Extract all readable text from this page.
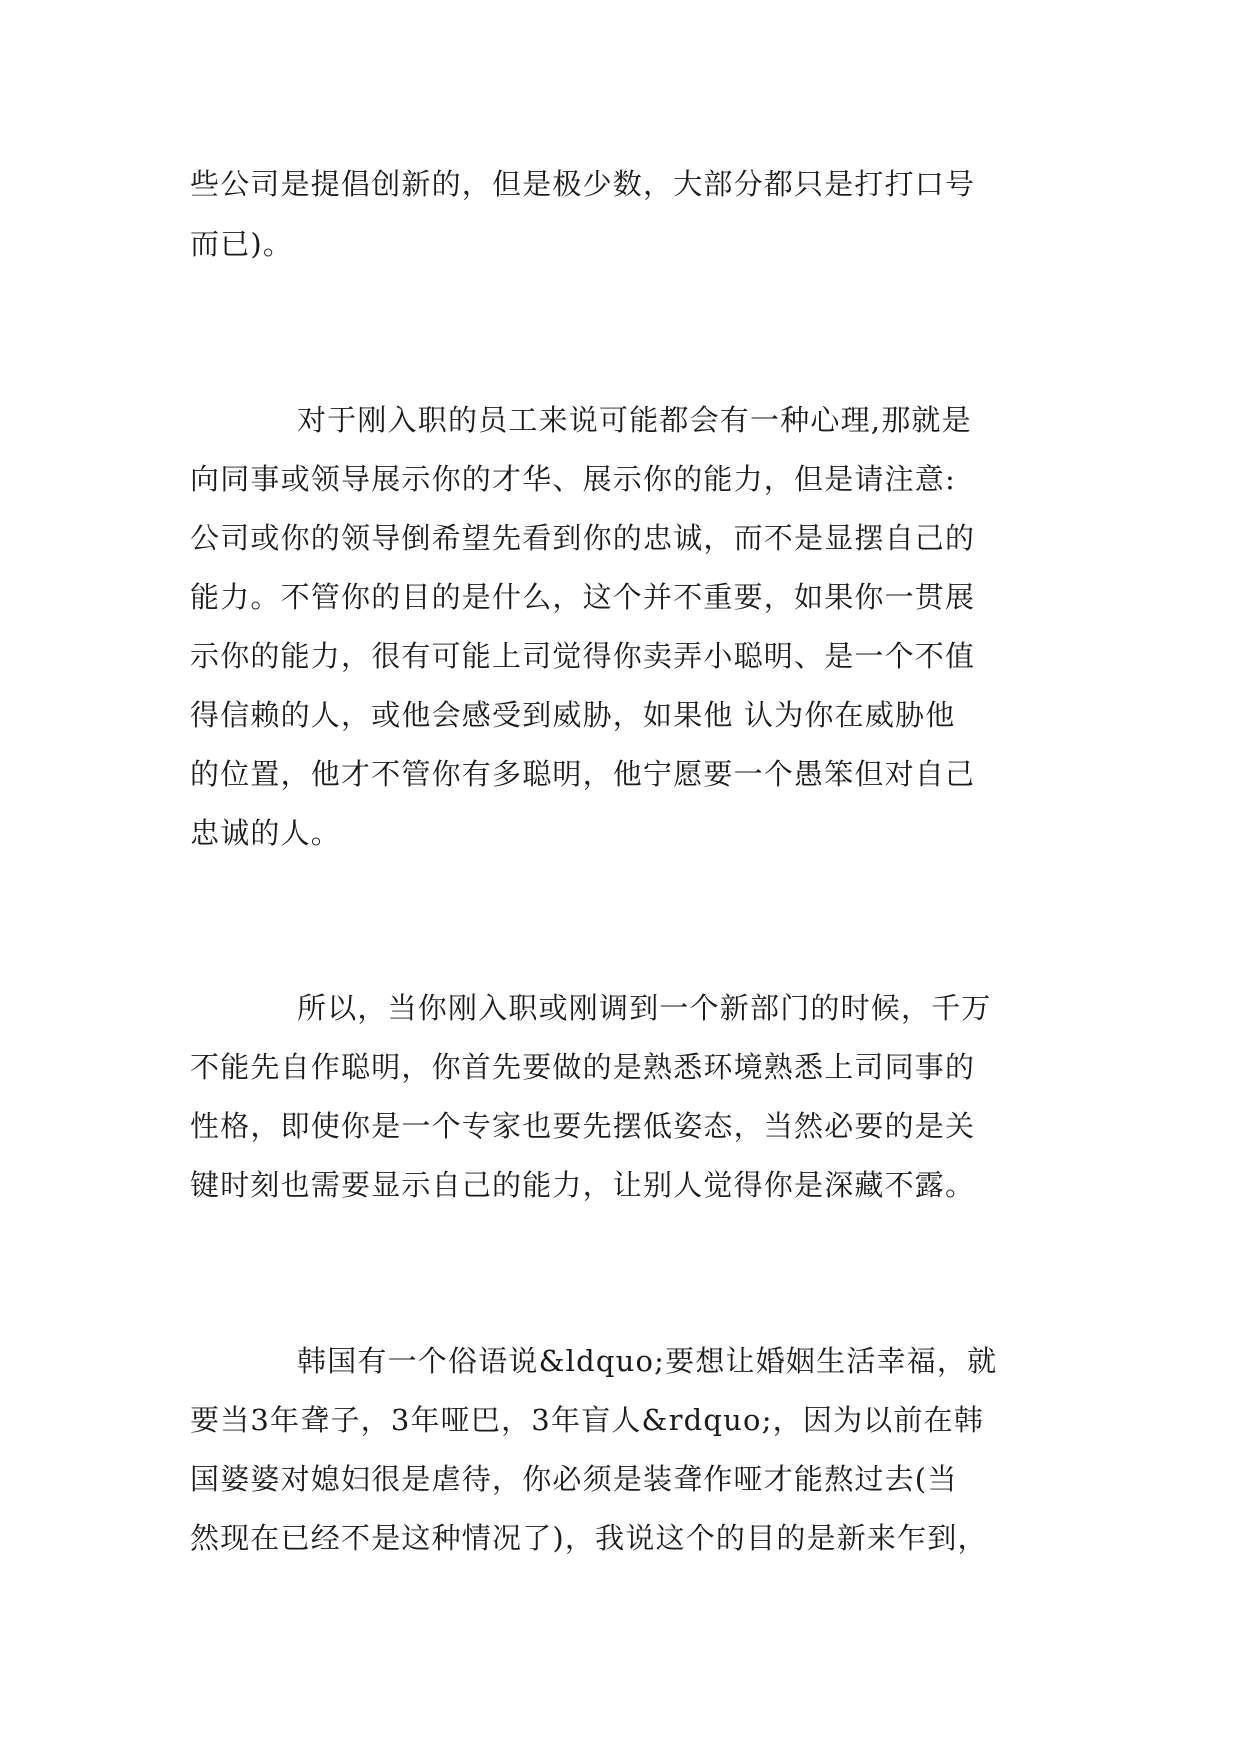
些公司是提倡创新的，但是极少数，大部分都只是打打口号
而已)。
对于刚入职的员工来说可能都会有一种心理,那就是
向同事或领导展示你的才华、展示你的能力，但是请注意:
公司或你的领导倒希望先看到你的忠诚，而不是显摆自己的
能力。不管你的目的是什么，这个并不重要，如果你一贯展
示你的能力，很有可能上司觉得你卖弄小聪明、是一个不值
得信赖的人，或他会感受到威胁，如果他 认为你在威胁他
的位置，他才不管你有多聪明，他宁愿要一个愚笨但对自己
忠诚的人。
所以，当你刚入职或刚调到一个新部门的时候，千万
不能先自作聪明，你首先要做的是熟悉环境熟悉上司同事的
性格，即使你是一个专家也要先摆低姿态，当然必要的是关
键时刻也需要显示自己的能力，让别人觉得你是深藏不露。
韩国有一个俗语说&ldquo;要想让婚姻生活幸福，就
要当3年聋子，3年哑巴，3年盲人&rdquo;，因为以前在韩
国婆婆对媳妇很是虐待，你必须是装聋作哑才能熬过去(当
然现在已经不是这种情况了)，我说这个的目的是新来乍到，
